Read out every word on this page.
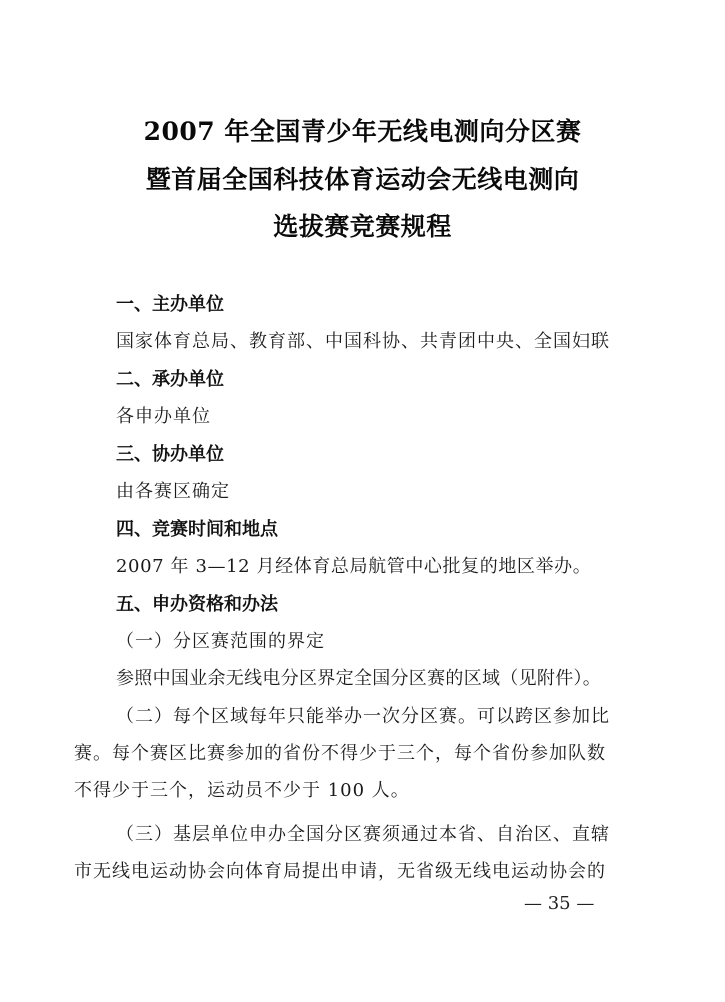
2007 年全国青少年无线电测向分区赛
暨首届全国科技体育运动会无线电测向
选拔赛竞赛规程
一、主办单位
国家体育总局、教育部、中国科协、共青团中央、全国妇联
二、承办单位
各申办单位
三、协办单位
由各赛区确定
四、竞赛时间和地点
2007 年 3—12 月经体育总局航管中心批复的地区举办。
五、申办资格和办法
（一）分区赛范围的界定
参照中国业余无线电分区界定全国分区赛的区域（见附件）。
（二）每个区域每年只能举办一次分区赛。可以跨区参加比
赛。每个赛区比赛参加的省份不得少于三个，每个省份参加队数
不得少于三个，运动员不少于 100 人。
（三）基层单位申办全国分区赛须通过本省、自治区、直辖
市无线电运动协会向体育局提出申请，无省级无线电运动协会的
— 35 —
